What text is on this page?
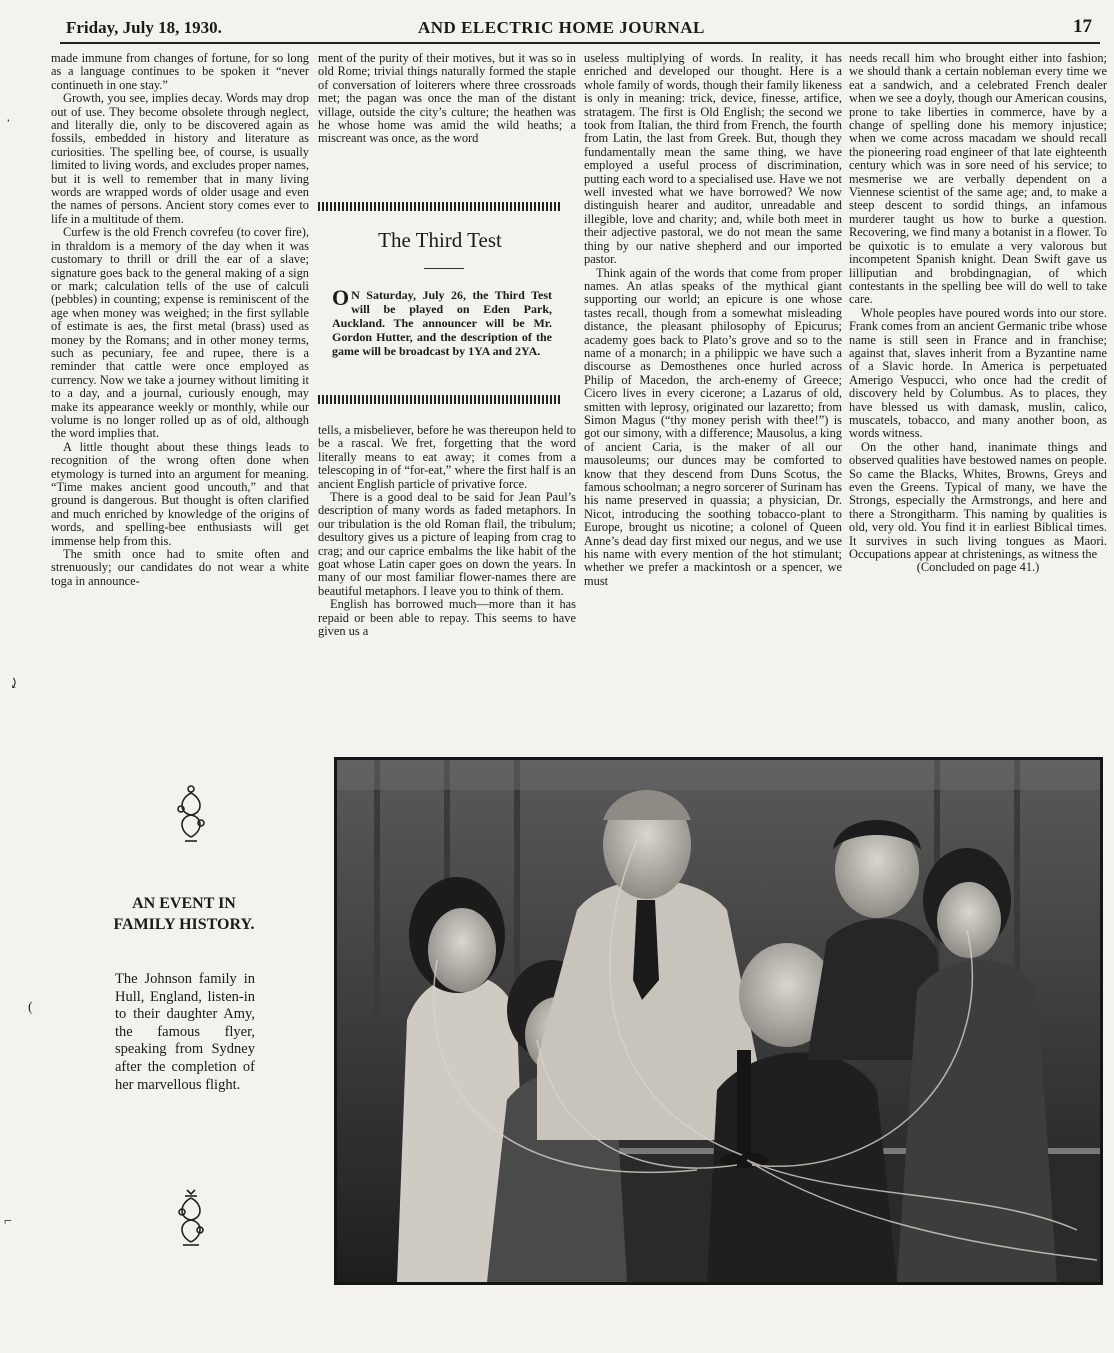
Friday, July 18, 1930.	AND ELECTRIC HOME JOURNAL	17

made immune from changes of fortune, for so long as a language continues to be spoken it “never continueth in one stay.”

Growth, you see, implies decay. Words may drop out of use. They become obsolete through neglect, and literally die, only to be discovered again as fossils, embedded in history and literature as curiosities. The spelling bee, of course, is usually limited to living words, and excludes proper names, but it is well to remember that in many living words are wrapped words of older usage and even the names of persons. Ancient story comes ever to life in a multitude of them.

Curfew is the old French covrefeu (to cover fire), in thraldom is a memory of the day when it was customary to thrill or drill the ear of a slave; signature goes back to the general making of a sign or mark; calculation tells of the use of calculi (pebbles) in counting; expense is reminiscent of the age when money was weighed; in the first syllable of estimate is aes, the first metal (brass) used as money by the Romans; and in other money terms, such as pecuniary, fee and rupee, there is a reminder that cattle were once employed as currency. Now we take a journey without limiting it to a day, and a journal, curiously enough, may make its appearance weekly or monthly, while our volume is no longer rolled up as of old, although the word implies that.

A little thought about these things leads to recognition of the wrong often done when etymology is turned into an argument for meaning. “Time makes ancient good uncouth,” and that ground is dangerous. But thought is often clarified and much enriched by knowledge of the origins of words, and spelling-bee enthusiasts will get immense help from this.

The smith once had to smite often and strenuously; our candidates do not wear a white toga in announce-

ment of the purity of their motives, but it was so in old Rome; trivial things naturally formed the staple of conversation of loiterers where three crossroads met; the pagan was once the man of the distant village, outside the city’s culture; the heathen was he whose home was amid the wild heaths; a miscreant was once, as the word

The Third Test
O N Saturday, July 26, the Third Test will be played on Eden Park, Auckland. The announcer will be Mr. Gordon Hutter, and the description of the game will be broadcast by 1YA and 2YA.

tells, a misbeliever, before he was thereupon held to be a rascal. We fret, forgetting that the word literally means to eat away; it comes from a telescoping in of “for-eat,” where the first half is an ancient English particle of privative force.

There is a good deal to be said for Jean Paul’s description of many words as faded metaphors. In our tribulation is the old Roman flail, the tribulum; desultory gives us a picture of leaping from crag to crag; and our caprice embalms the like habit of the goat whose Latin caper goes on down the years. In many of our most familiar flower-names there are beautiful metaphors. I leave you to think of them.

English has borrowed much—more than it has repaid or been able to repay. This seems to have given us a

useless multiplying of words. In reality, it has enriched and developed our thought. Here is a whole family of words, though their family likeness is only in meaning: trick, device, finesse, artifice, stratagem. The first is Old English; the second we took from Italian, the third from French, the fourth from Latin, the last from Greek. But, though they fundamentally mean the same thing, we have employed a useful process of discrimination, putting each word to a specialised use. Have we not well invested what we have borrowed? We now distinguish hearer and auditor, unreadable and illegible, love and charity; and, while both meet in their adjective pastoral, we do not mean the same thing by our native shepherd and our imported pastor.

Think again of the words that come from proper names. An atlas speaks of the mythical giant supporting our world; an epicure is one whose tastes recall, though from a somewhat misleading distance, the pleasant philosophy of Epicurus; academy goes back to Plato’s grove and so to the name of a monarch; in a philippic we have such a discourse as Demosthenes once hurled across Philip of Macedon, the arch-enemy of Greece; Cicero lives in every cicerone; a Lazarus of old, smitten with leprosy, originated our lazaretto; from Simon Magus (“thy money perish with thee!”) is got our simony, with a difference; Mausolus, a king of ancient Caria, is the maker of all our mausoleums; our dunces may be comforted to know that they descend from Duns Scotus, the famous schoolman; a negro sorcerer of Surinam has his name preserved in quassia; a physician, Dr. Nicot, introducing the soothing tobacco-plant to Europe, brought us nicotine; a colonel of Queen Anne’s dead day first mixed our negus, and we use his name with every mention of the hot stimulant; whether we prefer a mackintosh or a spencer, we must

needs recall him who brought either into fashion; we should thank a certain nobleman every time we eat a sandwich, and a celebrated French dealer when we see a doyly, though our American cousins, prone to take liberties in commerce, have by a change of spelling done his memory injustice; when we come across macadam we should recall the pioneering road engineer of that late eighteenth century which was in sore need of his service; to mesmerise we are verbally dependent on a Viennese scientist of the same age; and, to make a steep descent to sordid things, an infamous murderer taught us how to burke a question. Recovering, we find many a botanist in a flower. To be quixotic is to emulate a very valorous but incompetent Spanish knight. Dean Swift gave us lilliputian and brobdingnagian, of which contestants in the spelling bee will do well to take care.

Whole peoples have poured words into our store. Frank comes from an ancient Germanic tribe whose name is still seen in France and in franchise; against that, slaves inherit from a Byzantine name of a Slavic horde. In America is perpetuated Amerigo Vespucci, who once had the credit of discovery held by Columbus. As to places, they have blessed us with damask, muslin, calico, muscatels, tobacco, and many another boon, as words witness.

On the other hand, inanimate things and observed qualities have bestowed names on people. So came the Blacks, Whites, Browns, Greys and even the Greens. Typical of many, we have the Strongs, especially the Armstrongs, and here and there a Strongitharm. This naming by qualities is old, very old. You find it in earliest Biblical times. It survives in such living tongues as Maori. Occupations appear at christenings, as witness the

(Concluded on page 41.)

AN EVENT IN FAMILY HISTORY.
The Johnson family in Hull, England, listen-in to their daughter Amy, the famous flyer, speaking from Sydney after the completion of her marvellous flight.
᾿
⤸
(
⌐
